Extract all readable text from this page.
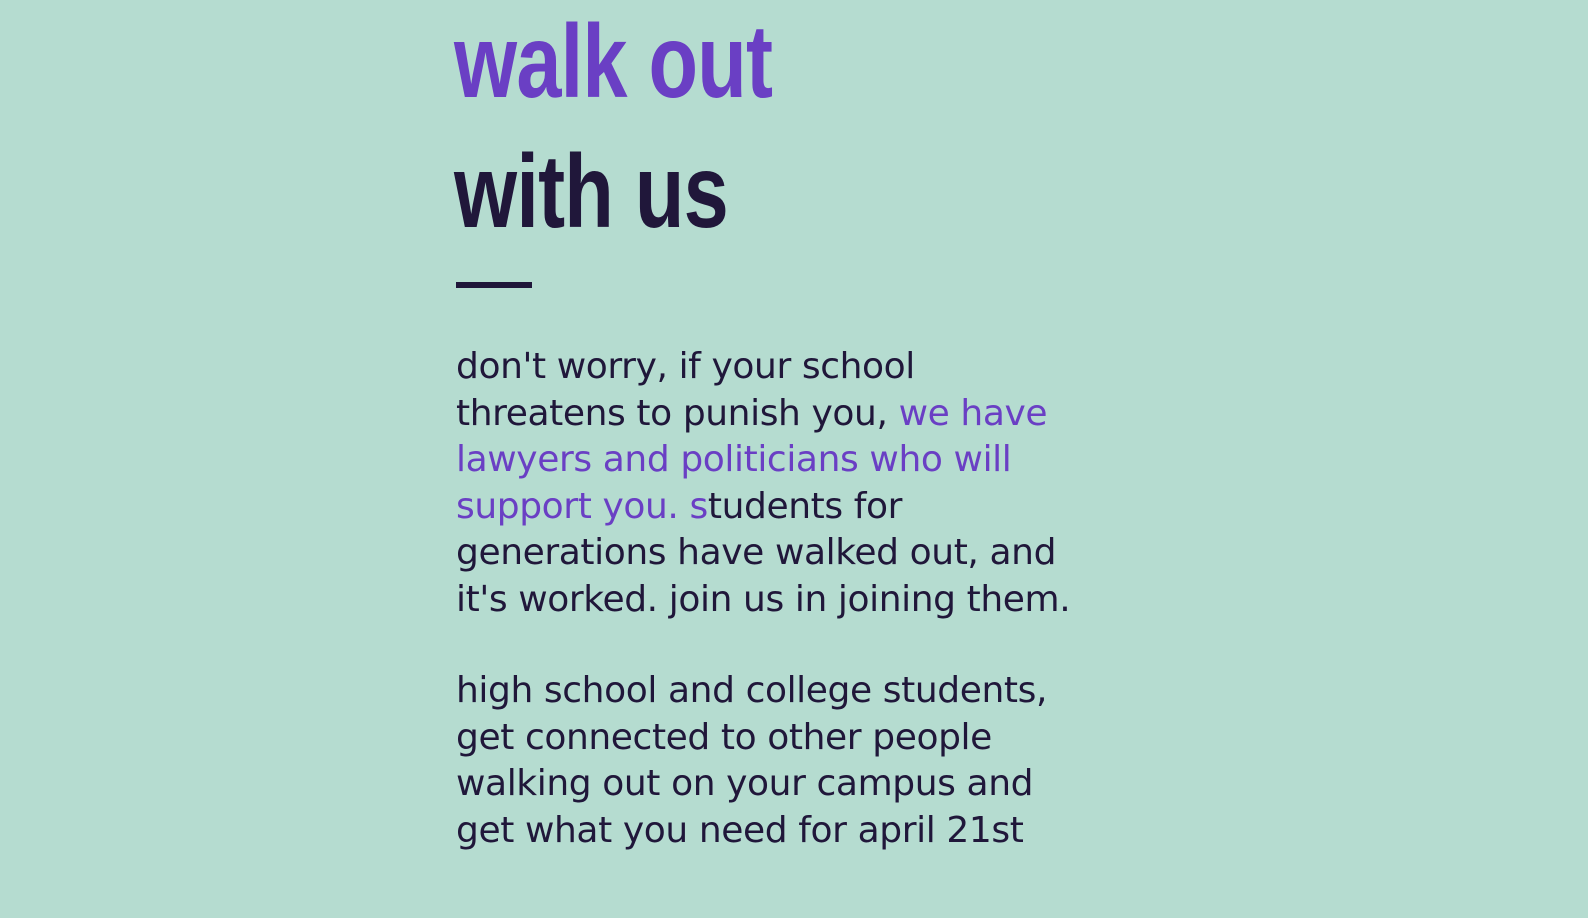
walk out
with us

don't worry, if your school
threatens to punish you, we have
lawyers and politicians who will
support you. students for
generations have walked out, and
it's worked. join us in joining them.

high school and college students,
get connected to other people
walking out on your campus and
get what you need for april 21st
